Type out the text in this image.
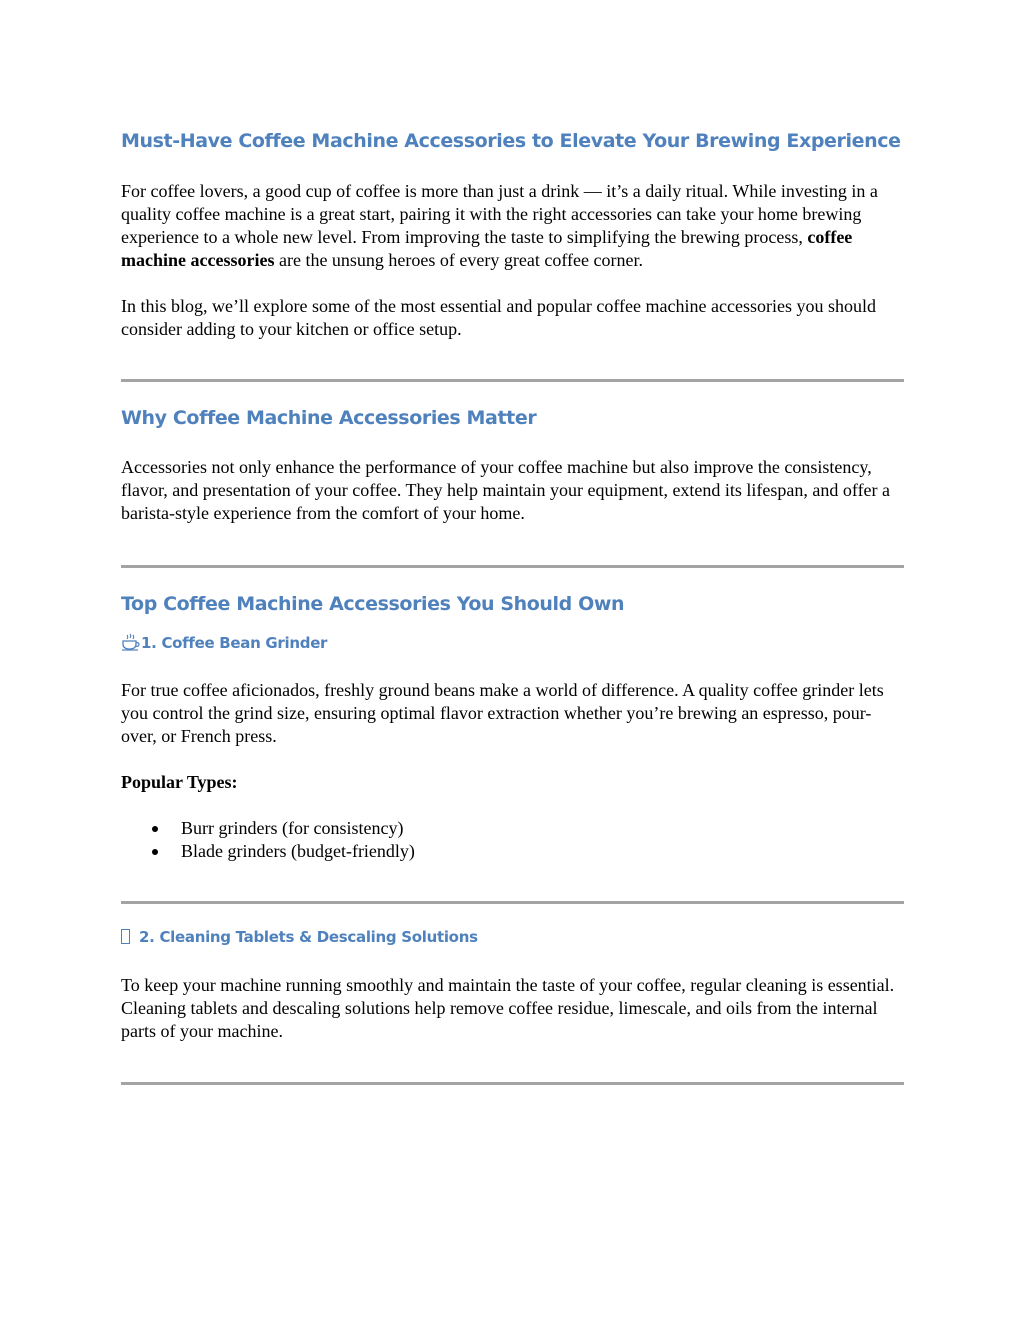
Must-Have Coffee Machine Accessories to Elevate Your Brewing Experience

For coffee lovers, a good cup of coffee is more than just a drink — it’s a daily ritual. While investing in a quality coffee machine is a great start, pairing it with the right accessories can take your home brewing experience to a whole new level. From improving the taste to simplifying the brewing process, coffee machine accessories are the unsung heroes of every great coffee corner.

In this blog, we’ll explore some of the most essential and popular coffee machine accessories you should consider adding to your kitchen or office setup.

Why Coffee Machine Accessories Matter

Accessories not only enhance the performance of your coffee machine but also improve the consistency, flavor, and presentation of your coffee. They help maintain your equipment, extend its lifespan, and offer a barista-style experience from the comfort of your home.

Top Coffee Machine Accessories You Should Own
1. Coffee Bean Grinder

For true coffee aficionados, freshly ground beans make a world of difference. A quality coffee grinder lets you control the grind size, ensuring optimal flavor extraction whether you’re brewing an espresso, pour-over, or French press.

Popular Types:

Burr grinders (for consistency)
Blade grinders (budget-friendly)
2. Cleaning Tablets & Descaling Solutions

To keep your machine running smoothly and maintain the taste of your coffee, regular cleaning is essential. Cleaning tablets and descaling solutions help remove coffee residue, limescale, and oils from the internal parts of your machine.
